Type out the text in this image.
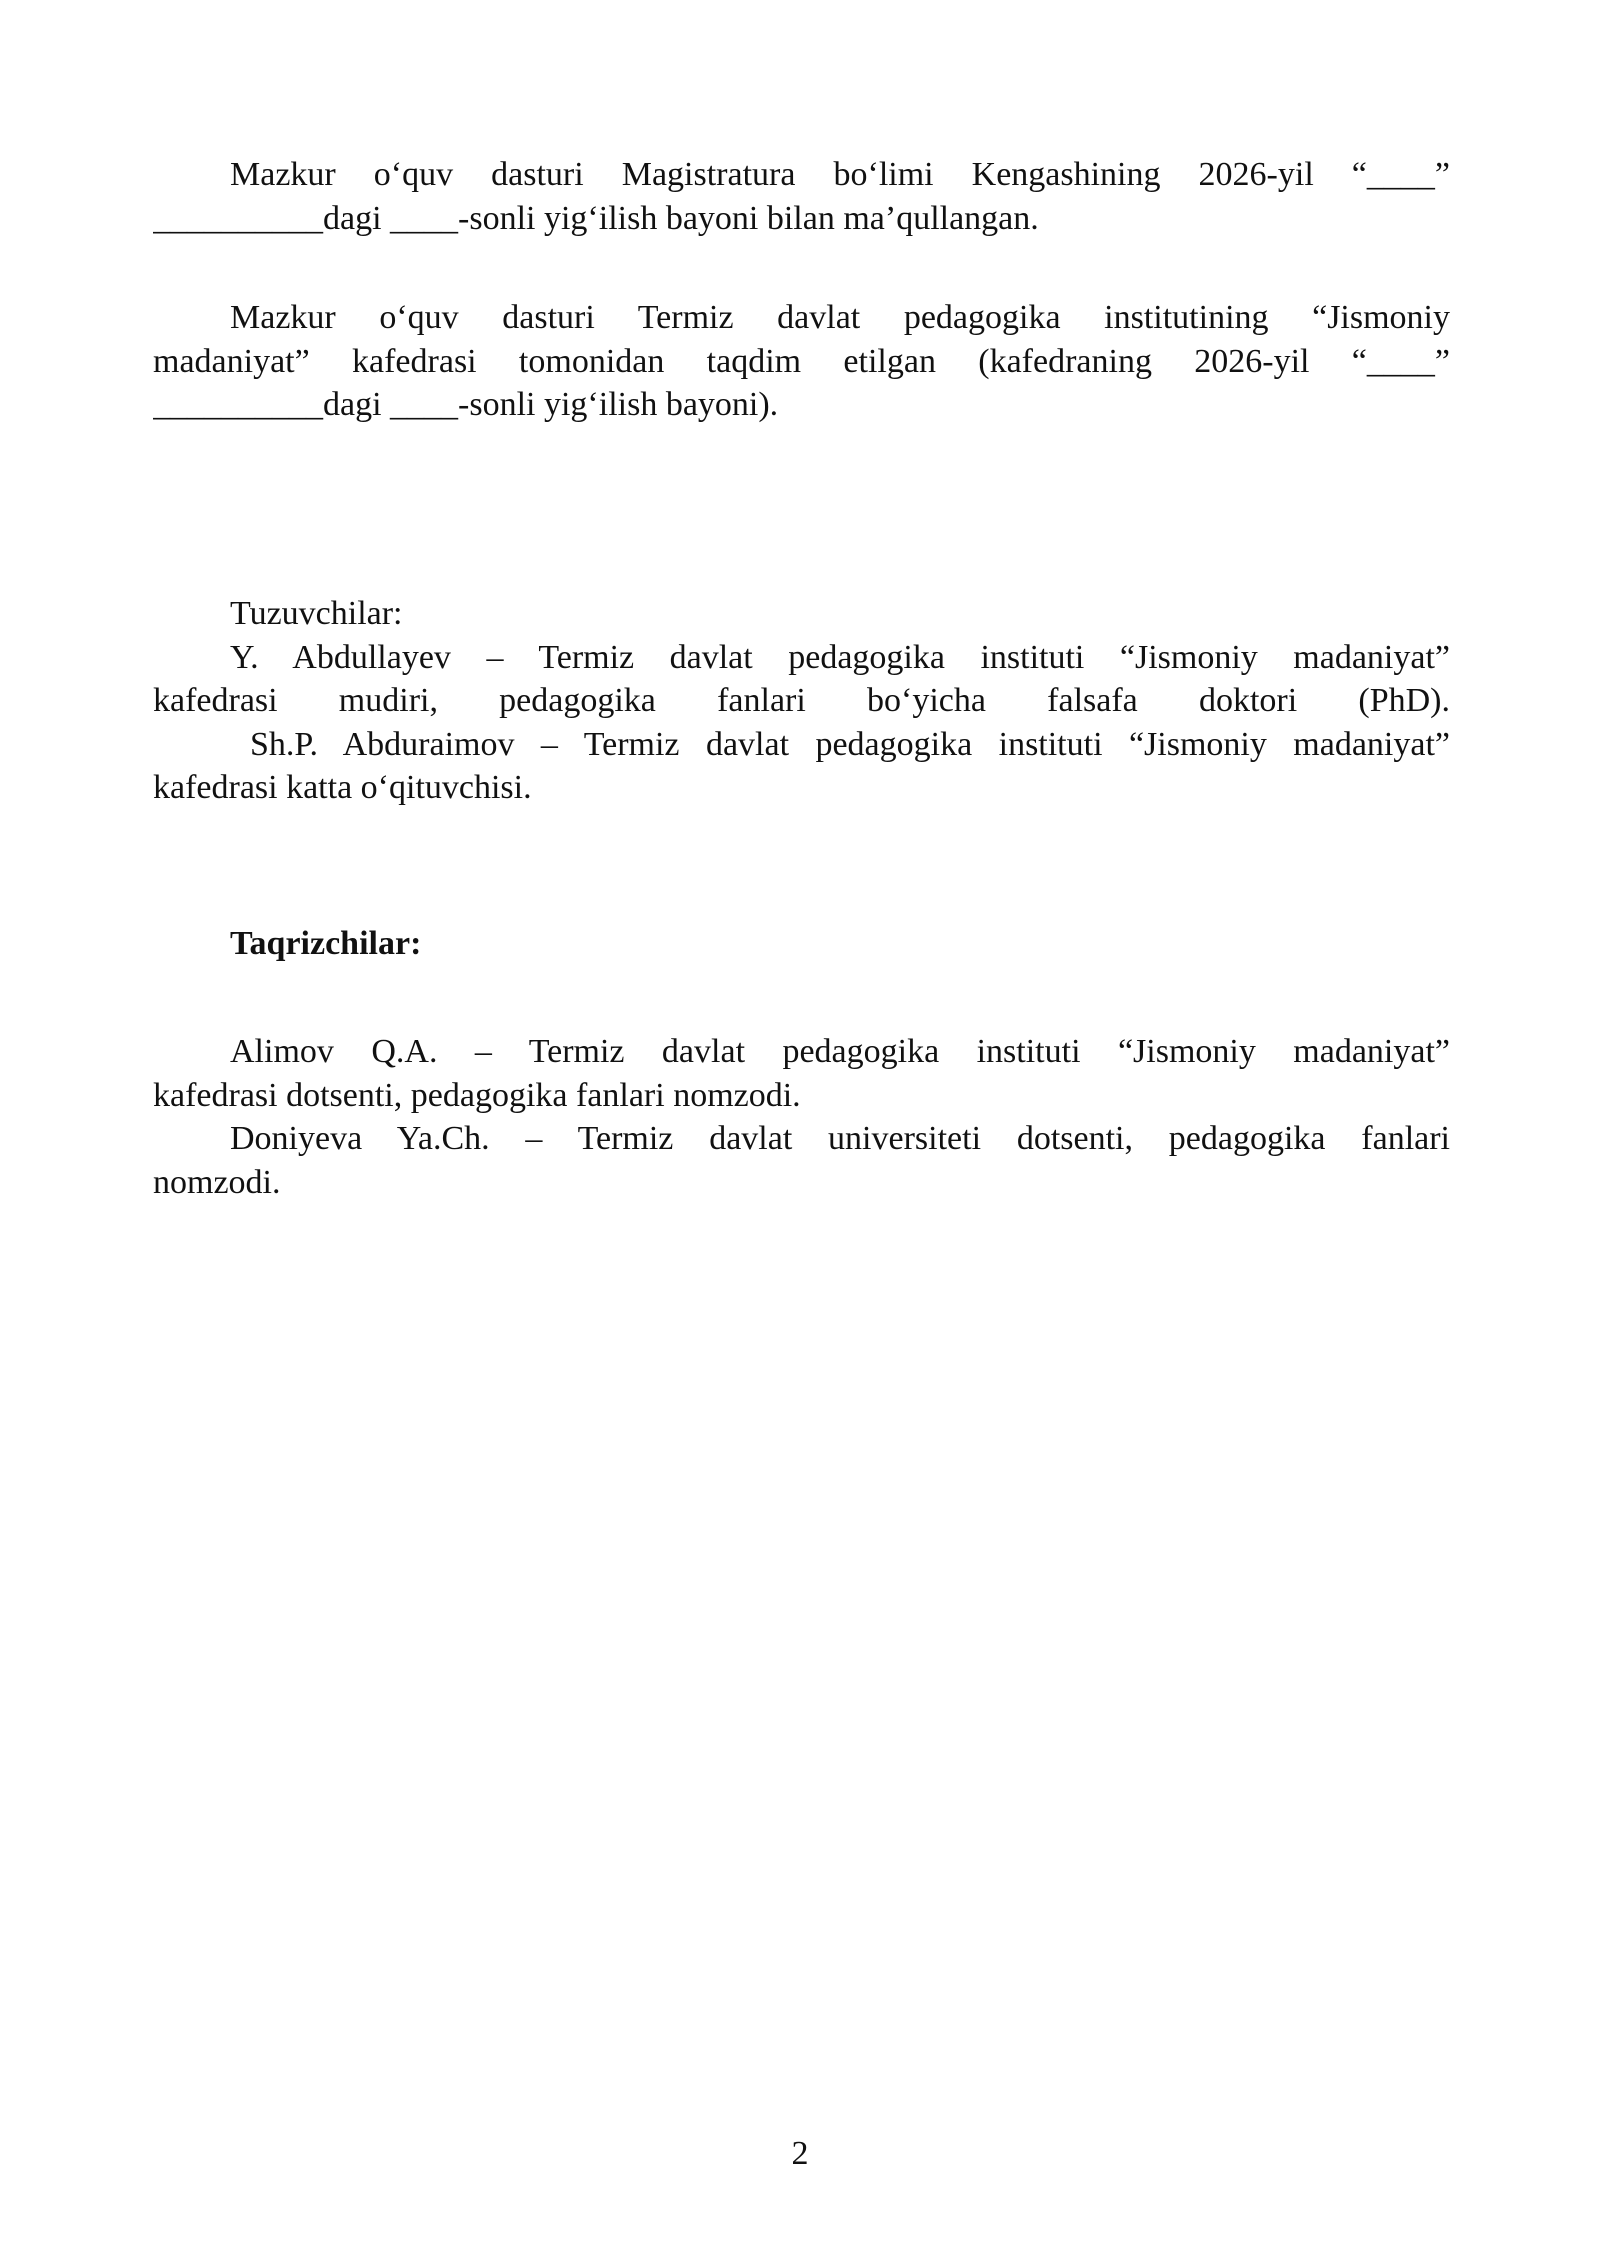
Mazkur o‘quv dasturi Magistratura bo‘limi Kengashining 2026-yil “____”
__________dagi ____-sonli yig‘ilish bayoni bilan ma’qullangan.
Mazkur o‘quv dasturi Termiz davlat pedagogika institutining “Jismoniy
madaniyat” kafedrasi tomonidan taqdim etilgan (kafedraning 2026-yil “____”
__________dagi ____-sonli yig‘ilish bayoni).
Tuzuvchilar:
Y. Abdullayev – Termiz davlat pedagogika instituti “Jismoniy madaniyat”
kafedrasi mudiri, pedagogika fanlari bo‘yicha falsafa doktori (PhD).
Sh.P. Abduraimov – Termiz davlat pedagogika instituti “Jismoniy madaniyat”
kafedrasi katta o‘qituvchisi.

Taqrizchilar:

Alimov Q.A. – Termiz davlat pedagogika instituti “Jismoniy madaniyat”
kafedrasi dotsenti, pedagogika fanlari nomzodi.
Doniyeva Ya.Ch. – Termiz davlat universiteti dotsenti, pedagogika fanlari
nomzodi.
2
